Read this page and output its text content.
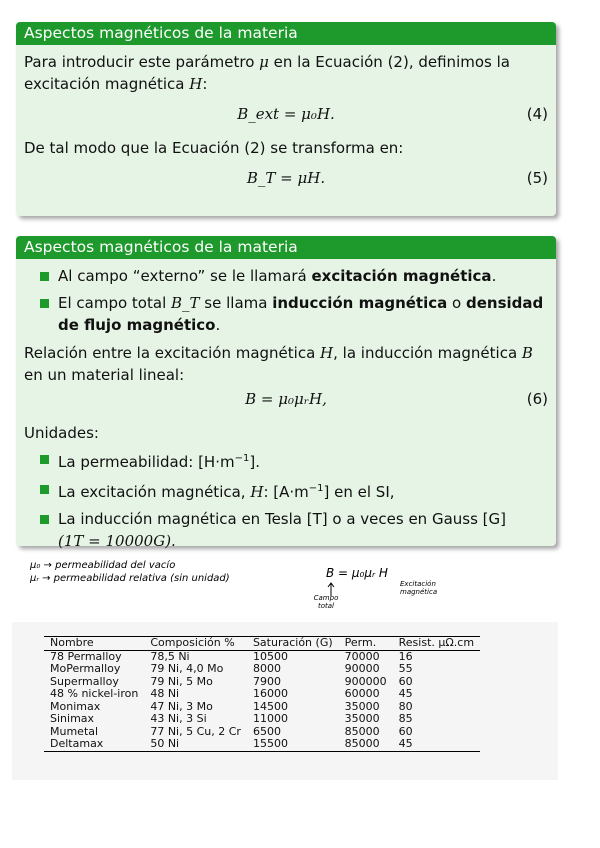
Aspectos magnéticos de la materia
Para introducir este parámetro μ en la Ecuación (2), definimos la excitación magnética H:
B_ext = μ₀H.	(4)
De tal modo que la Ecuación (2) se transforma en:
B_T = μH.	(5)
Aspectos magnéticos de la materia
Al campo “externo” se le llamará excitación magnética.
El campo total B_T se llama inducción magnética o densidad de flujo magnético.
Relación entre la excitación magnética H, la inducción magnética B en un material lineal:
B = μ₀μᵣH,	(6)
Unidades:
La permeabilidad: $[H\cdot m^{-1}]$.
La excitación magnética, H: $[A\cdot m^{-1}]$ en el SI,
La inducción magnética en Tesla [T] o a veces en Gauss [G]
(1T = 10000G).
μ₀ → permeabilidad del vacío
μᵣ → permeabilidad relativa (sin unidad)	B = μ₀μᵣ H
Campo total
Excitación magnética
Nombre	Composición %	Saturación (G)	Perm.	Resist. μΩ.cm
78 Permalloy	78,5 Ni	10500	70000	16
MoPermalloy	79 Ni, 4,0 Mo	8000	90000	55
Supermalloy	79 Ni, 5 Mo	7900	900000	60
48 % nickel-iron	48 Ni	16000	60000	45
Monimax	47 Ni, 3 Mo	14500	35000	80
Sinimax	43 Ni, 3 Si	11000	35000	85
Mumetal	77 Ni, 5 Cu, 2 Cr	6500	85000	60
Deltamax	50 Ni	15500	85000	45
